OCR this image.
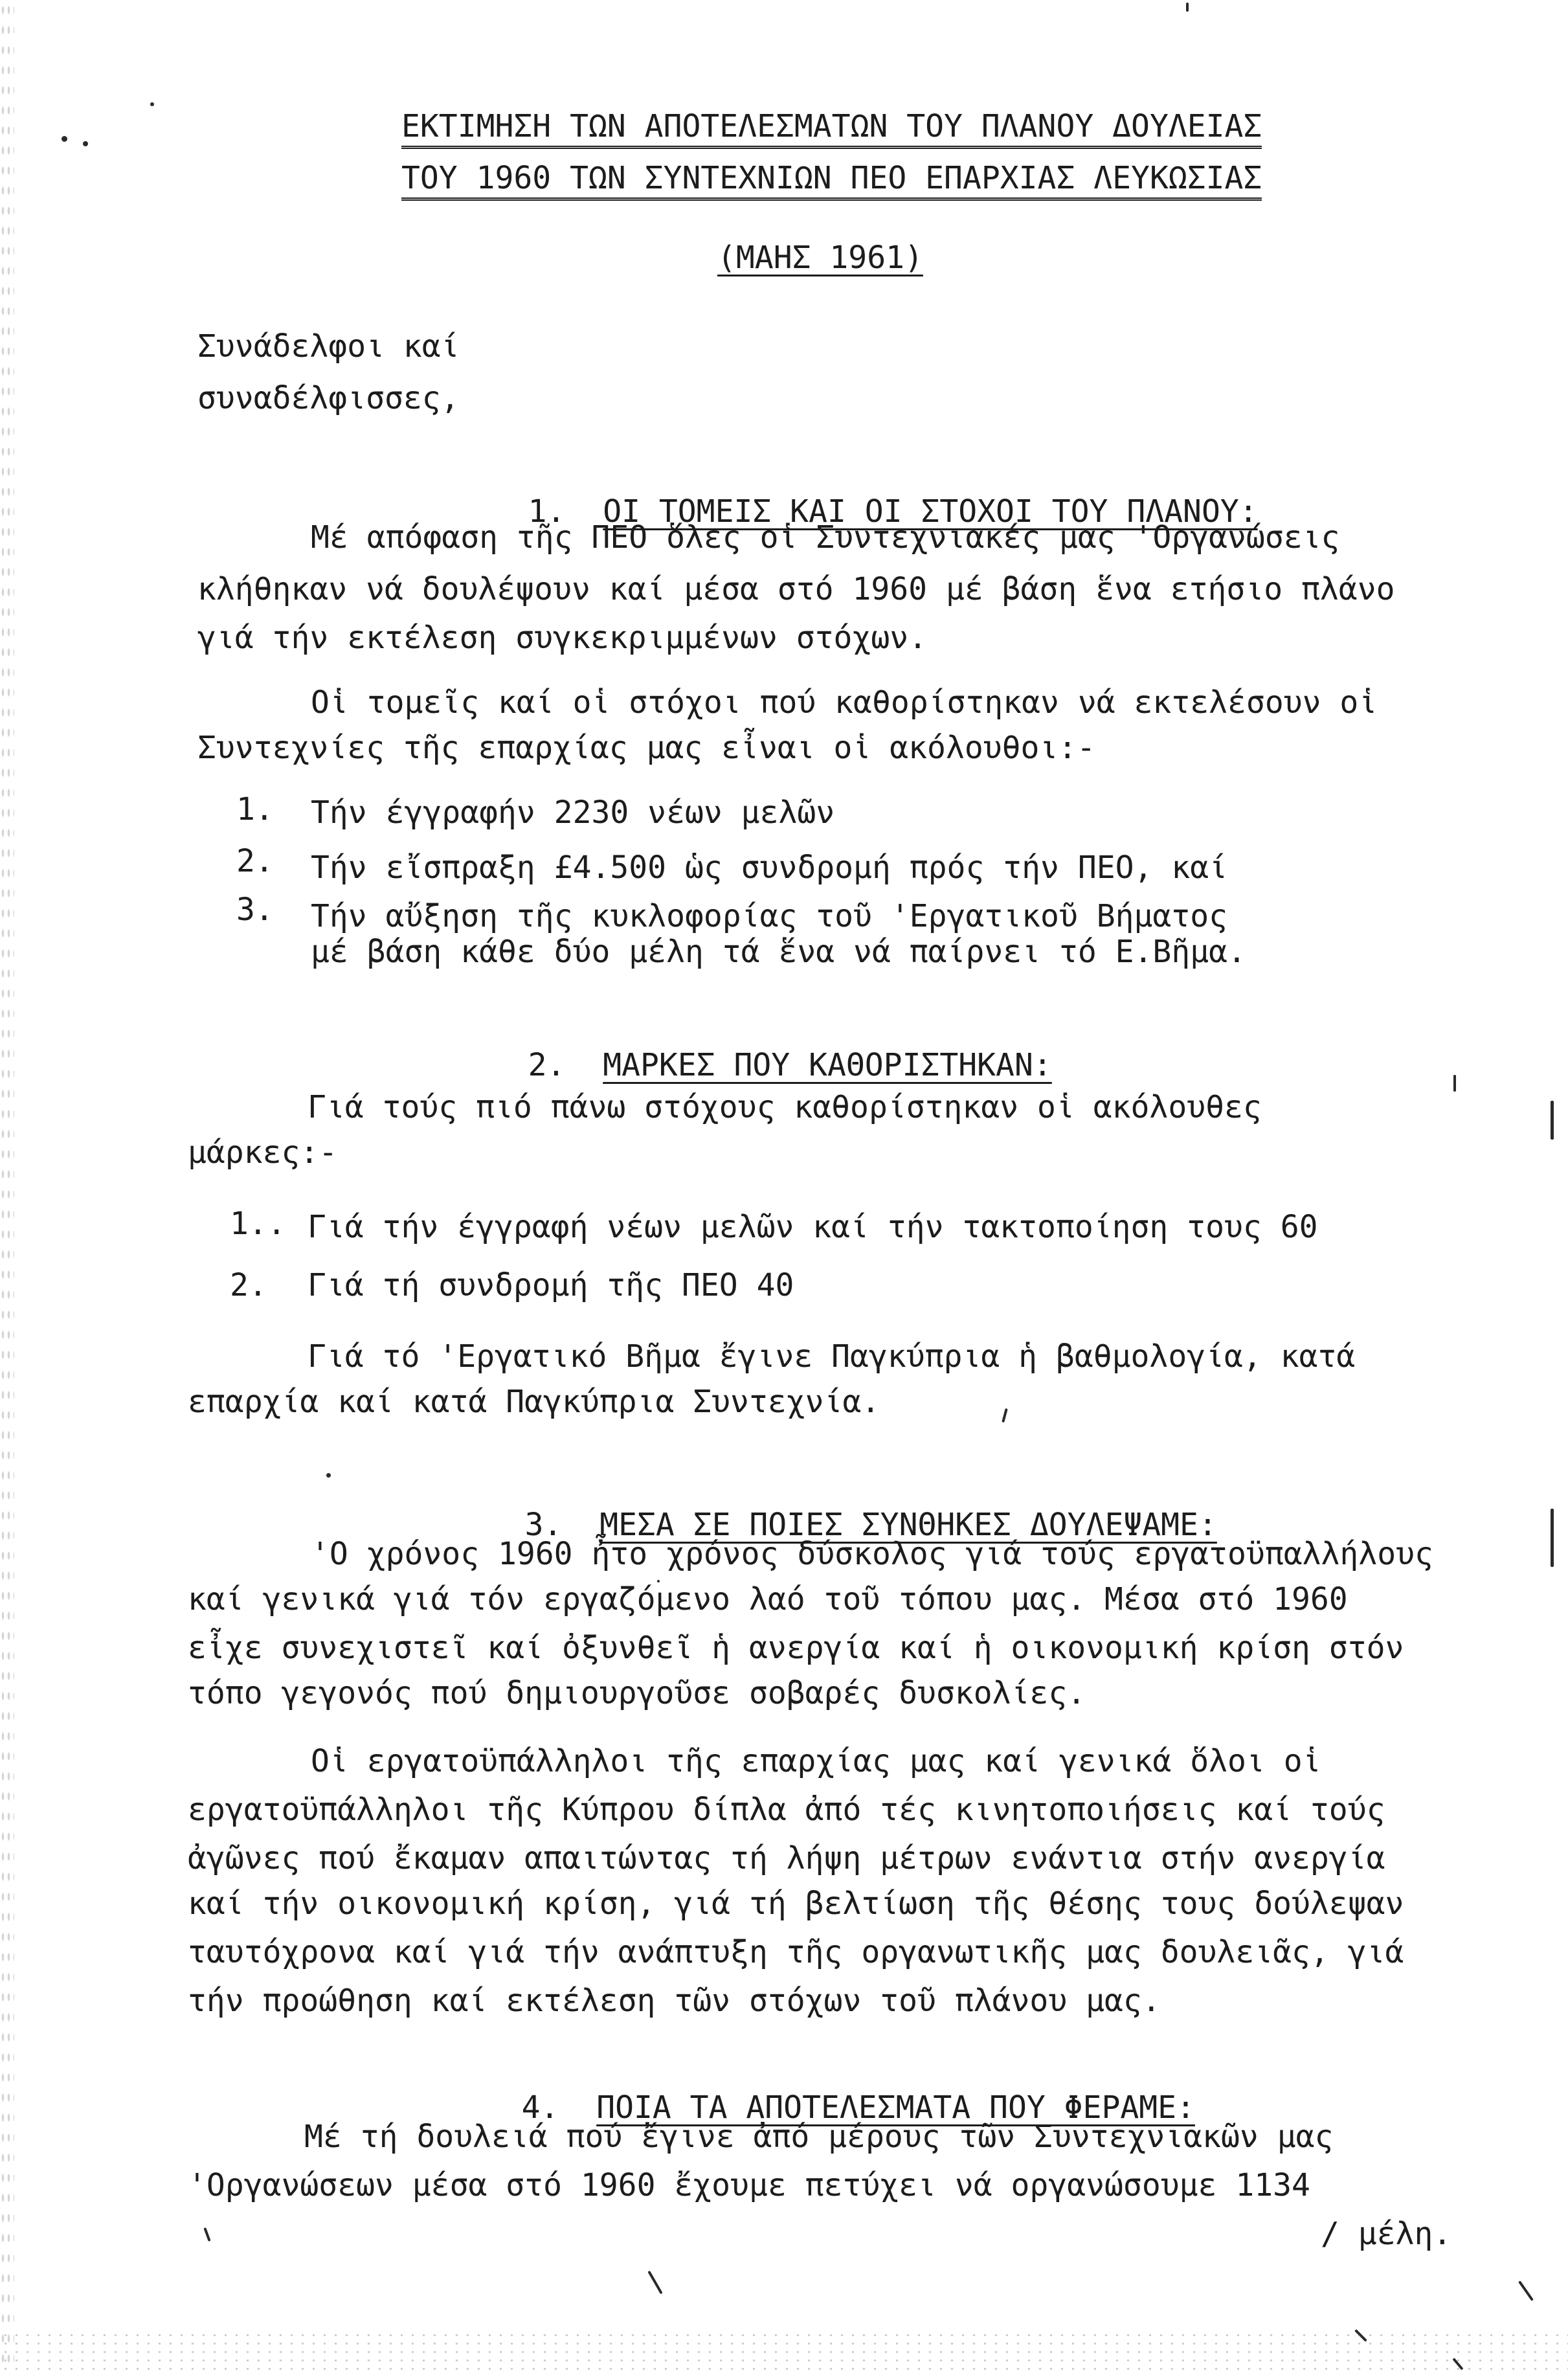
ΕΚΤΙΜΗΣΗ ΤΩΝ ΑΠΟΤΕΛΕΣΜΑΤΩΝ ΤΟΥ ΠΛΑΝΟΥ ΔΟΥΛΕΙΑΣ
ΤΟΥ 1960 ΤΩΝ ΣΥΝΤΕΧΝΙΩΝ ΠΕΟ ΕΠΑΡΧΙΑΣ ΛΕΥΚΩΣΙΑΣ
(ΜΑΗΣ 1961)
Συνάδελφοι καί
συναδέλφισσες,

1. ΟΙ ΤΟΜΕΙΣ ΚΑΙ ΟΙ ΣΤΟΧΟΙ ΤΟΥ ΠΛΑΝΟΥ:

Μέ απόφαση τῆς ΠΕΟ ὅλες οἱ Συντεχνιακές μας 'Οργανώσεις
κλήθηκαν νά δουλέψουν καί μέσα στό 1960 μέ βάση ἕνα ετήσιο πλάνο
γιά τήν εκτέλεση συγκεκριμμένων στόχων.
Οἱ τομεῖς καί οἱ στόχοι πού καθορίστηκαν νά εκτελέσουν οἱ
Συντεχνίες τῆς επαρχίας μας εἶναι οἱ ακόλουθοι:-
1. Τήν έγγραφήν 2230 νέων μελῶν
2. Τήν εἴσπραξη £4.500 ὡς συνδρομή πρός τήν ΠΕΟ, καί
3. Τήν αὔξηση τῆς κυκλοφορίας τοῦ 'Εργατικοῦ Βήματος
μέ βάση κάθε δύο μέλη τά ἕνα νά παίρνει τό Ε.Βῆμα.

2. ΜΑΡΚΕΣ ΠΟΥ ΚΑΘΟΡΙΣΤΗΚΑΝ:

Γιά τούς πιό πάνω στόχους καθορίστηκαν οἱ ακόλουθες
μάρκες:-
1.. Γιά τήν έγγραφή νέων μελῶν καί τήν τακτοποίηση τους 60
2. Γιά τή συνδρομή τῆς ΠΕΟ 40
Γιά τό 'Εργατικό Βῆμα ἔγινε Παγκύπρια ἡ βαθμολογία, κατά
επαρχία καί κατά Παγκύπρια Συντεχνία.

3. ΜΕΣΑ ΣΕ ΠΟΙΕΣ ΣΥΝΘΗΚΕΣ ΔΟΥΛΕΨΑΜΕ:

'Ο χρόνος 1960 ἦτο χρόνος δύσκολος γιά τούς εργατοϋπαλλήλους
καί γενικά γιά τόν εργαζόμενο λαό τοῦ τόπου μας. Μέσα στό 1960
εἶχε συνεχιστεῖ καί ὀξυνθεῖ ἡ ανεργία καί ἡ οικονομική κρίση στόν
τόπο γεγονός πού δημιουργοῦσε σοβαρές δυσκολίες.
Οἱ εργατοϋπάλληλοι τῆς επαρχίας μας καί γενικά ὅλοι οἱ
εργατοϋπάλληλοι τῆς Κύπρου δίπλα ἀπό τές κινητοποιήσεις καί τούς
ἀγῶνες πού ἔκαμαν απαιτώντας τή λήψη μέτρων ενάντια στήν ανεργία
καί τήν οικονομική κρίση, γιά τή βελτίωση τῆς θέσης τους δούλεψαν
ταυτόχρονα καί γιά τήν ανάπτυξη τῆς οργανωτικῆς μας δουλειᾶς, γιά
τήν προώθηση καί εκτέλεση τῶν στόχων τοῦ πλάνου μας.

4. ΠΟΙΑ ΤΑ ΑΠΟΤΕΛΕΣΜΑΤΑ ΠΟΥ ΦΕΡΑΜΕ:

Μέ τή δουλειά πού ἔγινε ἀπό μέρους τῶν Συντεχνιακῶν μας
'Οργανώσεων μέσα στό 1960 ἔχουμε πετύχει νά οργανώσουμε 1134
/ μέλη.
